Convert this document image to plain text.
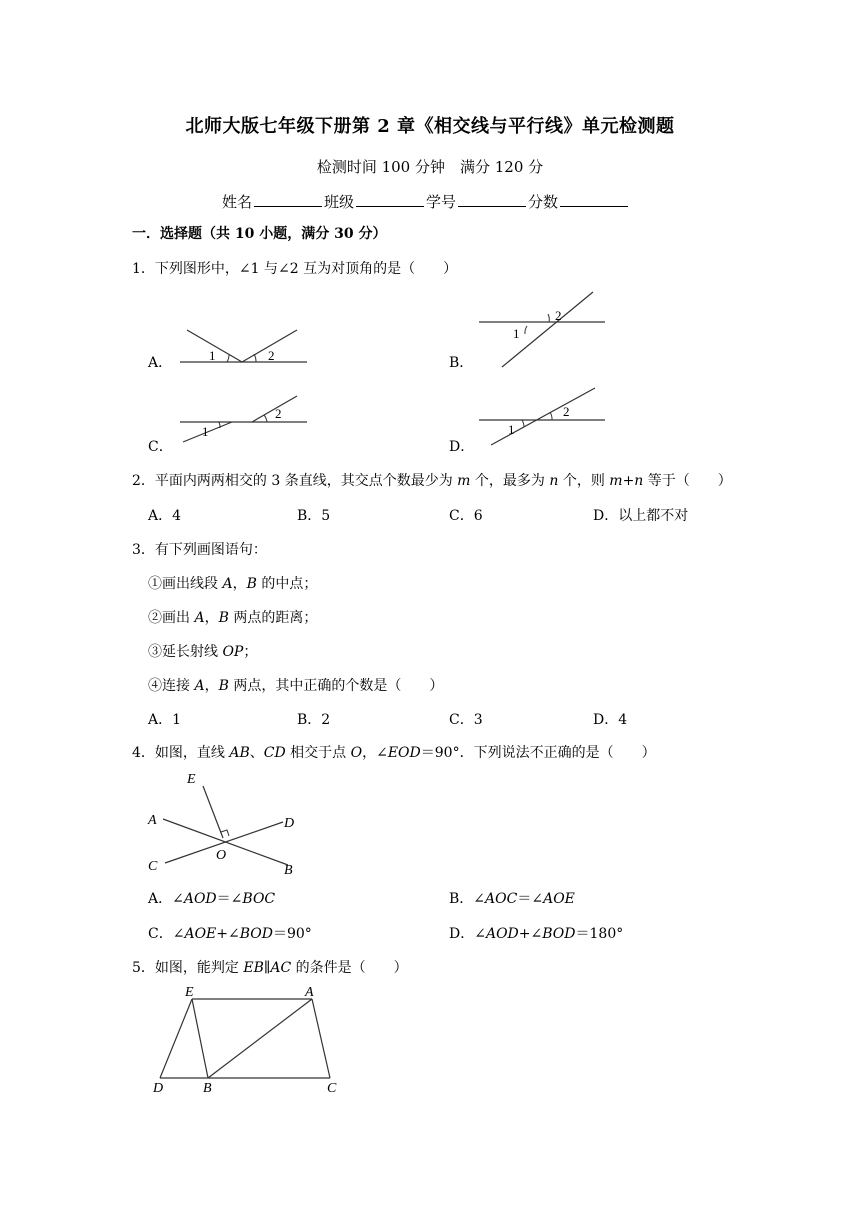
北师大版七年级下册第 2 章《相交线与平行线》单元检测题
检测时间 100 分钟　满分 120 分
姓名	班级	学号	分数
一．选择题（共 10 小题，满分 30 分）
1．下列图形中，∠1 与∠2 互为对顶角的是（　　）
A．	1	2	B．
2
1
C．
1
2
D．
2
1
2．平面内两两相交的 3 条直线，其交点个数最少为 m 个，最多为 n 个，则 m+n 等于（　　）
A．4	B．5	C．6	D．以上都不对
3．有下列画图语句：
①画出线段 A，B 的中点；
②画出 A，B 两点的距离；
③延长射线 OP；
④连接 A，B 两点，其中正确的个数是（　　）
A．1	B．2	C．3	D．4
4．如图，直线 AB、CD 相交于点 O，∠EOD＝90°．下列说法不正确的是（　　）
E
A	D
C
O
B
A．∠AOD＝∠BOC	B．∠AOC＝∠AOE
C．∠AOE+∠BOD＝90°	D．∠AOD+∠BOD＝180°
5．如图，能判定 EB∥AC 的条件是（　　）
E	A
D	B	C
